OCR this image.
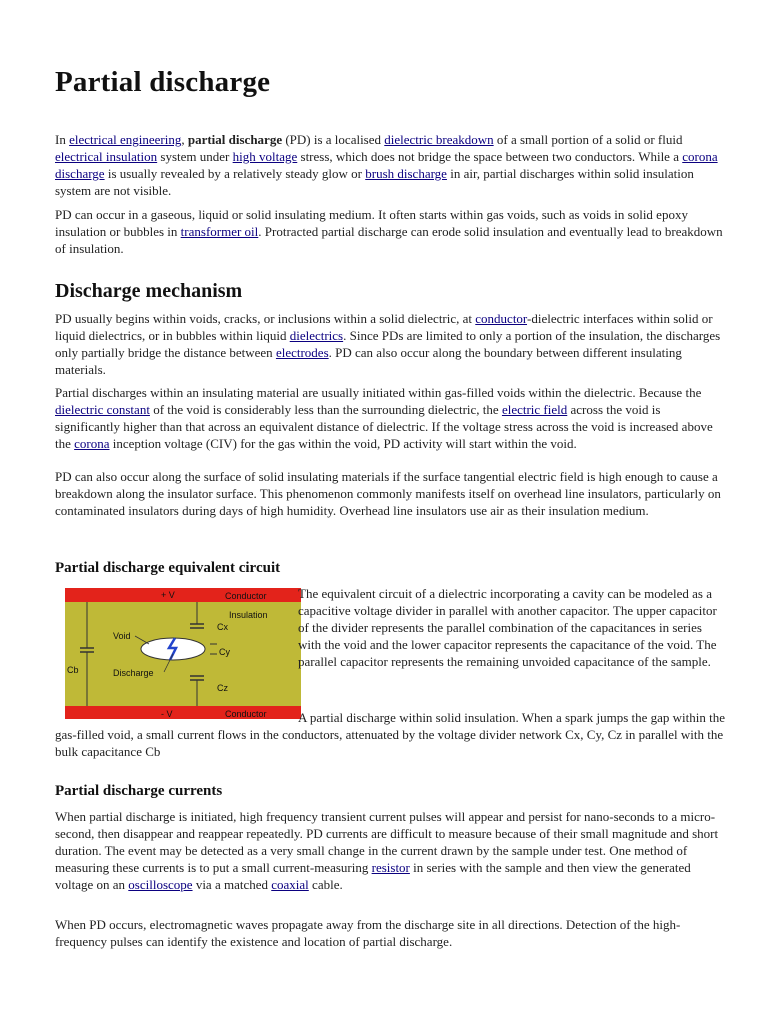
Partial discharge

In electrical engineering, partial discharge (PD) is a localised dielectric breakdown of a small portion of a solid or fluid electrical insulation system under high voltage stress, which does not bridge the space between two conductors. While a corona discharge is usually revealed by a relatively steady glow or brush discharge in air, partial discharges within solid insulation system are not visible.

PD can occur in a gaseous, liquid or solid insulating medium. It often starts within gas voids, such as voids in solid epoxy insulation or bubbles in transformer oil. Protracted partial discharge can erode solid insulation and eventually lead to breakdown of insulation.

Discharge mechanism

PD usually begins within voids, cracks, or inclusions within a solid dielectric, at conductor-dielectric interfaces within solid or liquid dielectrics, or in bubbles within liquid dielectrics. Since PDs are limited to only a portion of the insulation, the discharges only partially bridge the distance between electrodes. PD can also occur along the boundary between different insulating materials.

Partial discharges within an insulating material are usually initiated within gas-filled voids within the dielectric. Because the dielectric constant of the void is considerably less than the surrounding dielectric, the electric field across the void is significantly higher than that across an equivalent distance of dielectric. If the voltage stress across the void is increased above the corona inception voltage (CIV) for the gas within the void, PD activity will start within the void.

PD can also occur along the surface of solid insulating materials if the surface tangential electric field is high enough to cause a breakdown along the insulator surface. This phenomenon commonly manifests itself on overhead line insulators, particularly on contaminated insulators during days of high humidity. Overhead line insulators use air as their insulation medium.

Partial discharge equivalent circuit
+ V	Conductor
Insulation
Void
Discharge
Cx
Cy
Cz
Cb
- V	Conductor
The equivalent circuit of a dielectric incorporating a cavity can be modeled as a capacitive voltage divider in parallel with another capacitor. The upper capacitor of the divider represents the parallel combination of the capacitances in series with the void and the lower capacitor represents the capacitance of the void. The parallel capacitor represents the remaining unvoided capacitance of the sample.
A partial discharge within solid insulation. When a spark jumps the gap within the gas-filled void, a small current flows in the conductors, attenuated by the voltage divider network Cx, Cy, Cz in parallel with the bulk capacitance Cb
Partial discharge currents

When partial discharge is initiated, high frequency transient current pulses will appear and persist for nano-seconds to a micro-second, then disappear and reappear repeatedly. PD currents are difficult to measure because of their small magnitude and short duration. The event may be detected as a very small change in the current drawn by the sample under test. One method of measuring these currents is to put a small current-measuring resistor in series with the sample and then view the generated voltage on an oscilloscope via a matched coaxial cable.

When PD occurs, electromagnetic waves propagate away from the discharge site in all directions. Detection of the high-frequency pulses can identify the existence and location of partial discharge.
